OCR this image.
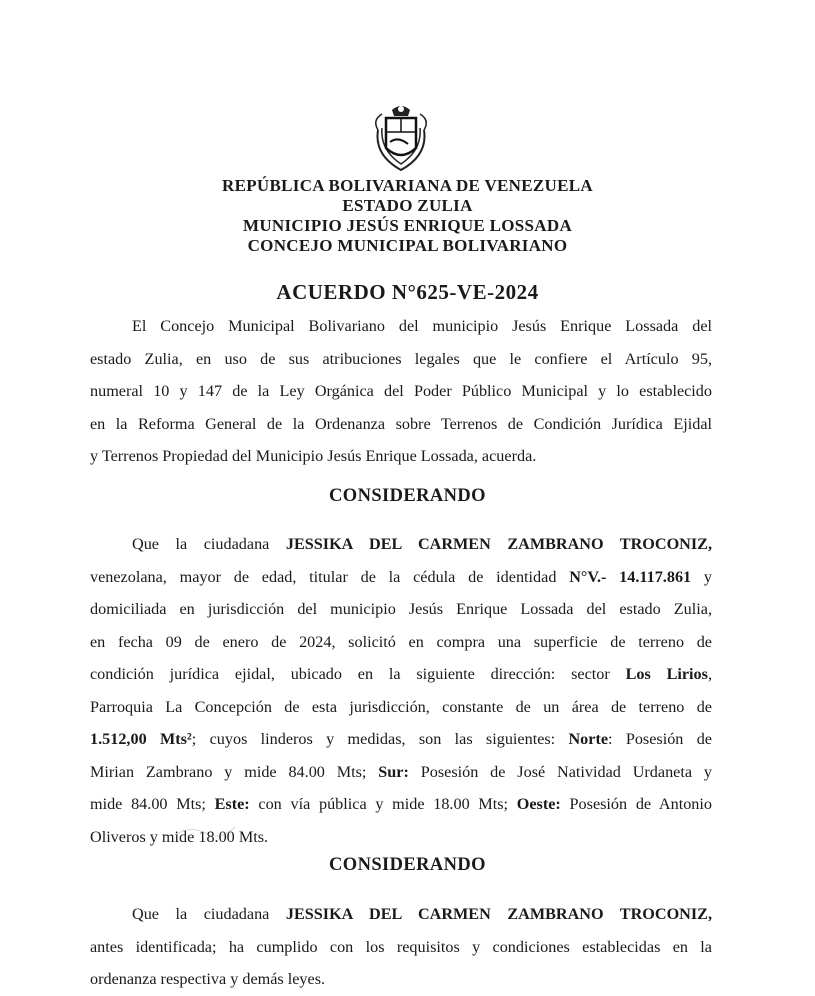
REPÚBLICA BOLIVARIANA DE VENEZUELA
ESTADO ZULIA
MUNICIPIO JESÚS ENRIQUE LOSSADA
CONCEJO MUNICIPAL BOLIVARIANO
ACUERDO N°625-VE-2024
El Concejo Municipal Bolivariano del municipio Jesús Enrique Lossada del
estado Zulia, en uso de sus atribuciones legales que le confiere el Artículo 95,
numeral 10 y 147 de la Ley Orgánica del Poder Público Municipal y lo establecido
en la Reforma General de la Ordenanza sobre Terrenos de Condición Jurídica Ejidal
y Terrenos Propiedad del Municipio Jesús Enrique Lossada, acuerda.
CONSIDERANDO
Que la ciudadana JESSIKA DEL CARMEN ZAMBRANO TROCONIZ,
venezolana, mayor de edad, titular de la cédula de identidad N°V.- 14.117.861 y
domiciliada en jurisdicción del municipio Jesús Enrique Lossada del estado Zulia,
en fecha 09 de enero de 2024, solicitó en compra una superficie de terreno de
condición jurídica ejidal, ubicado en la siguiente dirección: sector Los Lirios,
Parroquia La Concepción de esta jurisdicción, constante de un área de terreno de
1.512,00 Mts²; cuyos linderos y medidas, son las siguientes: Norte: Posesión de
Mirian Zambrano y mide 84.00 Mts; Sur: Posesión de José Natividad Urdaneta y
mide 84.00 Mts; Este: con vía pública y mide 18.00 Mts; Oeste: Posesión de Antonio
Oliveros y mide 18.00 Mts.
CONSIDERANDO
Que la ciudadana JESSIKA DEL CARMEN ZAMBRANO TROCONIZ,
antes identificada; ha cumplido con los requisitos y condiciones establecidas en la
ordenanza respectiva y demás leyes.
